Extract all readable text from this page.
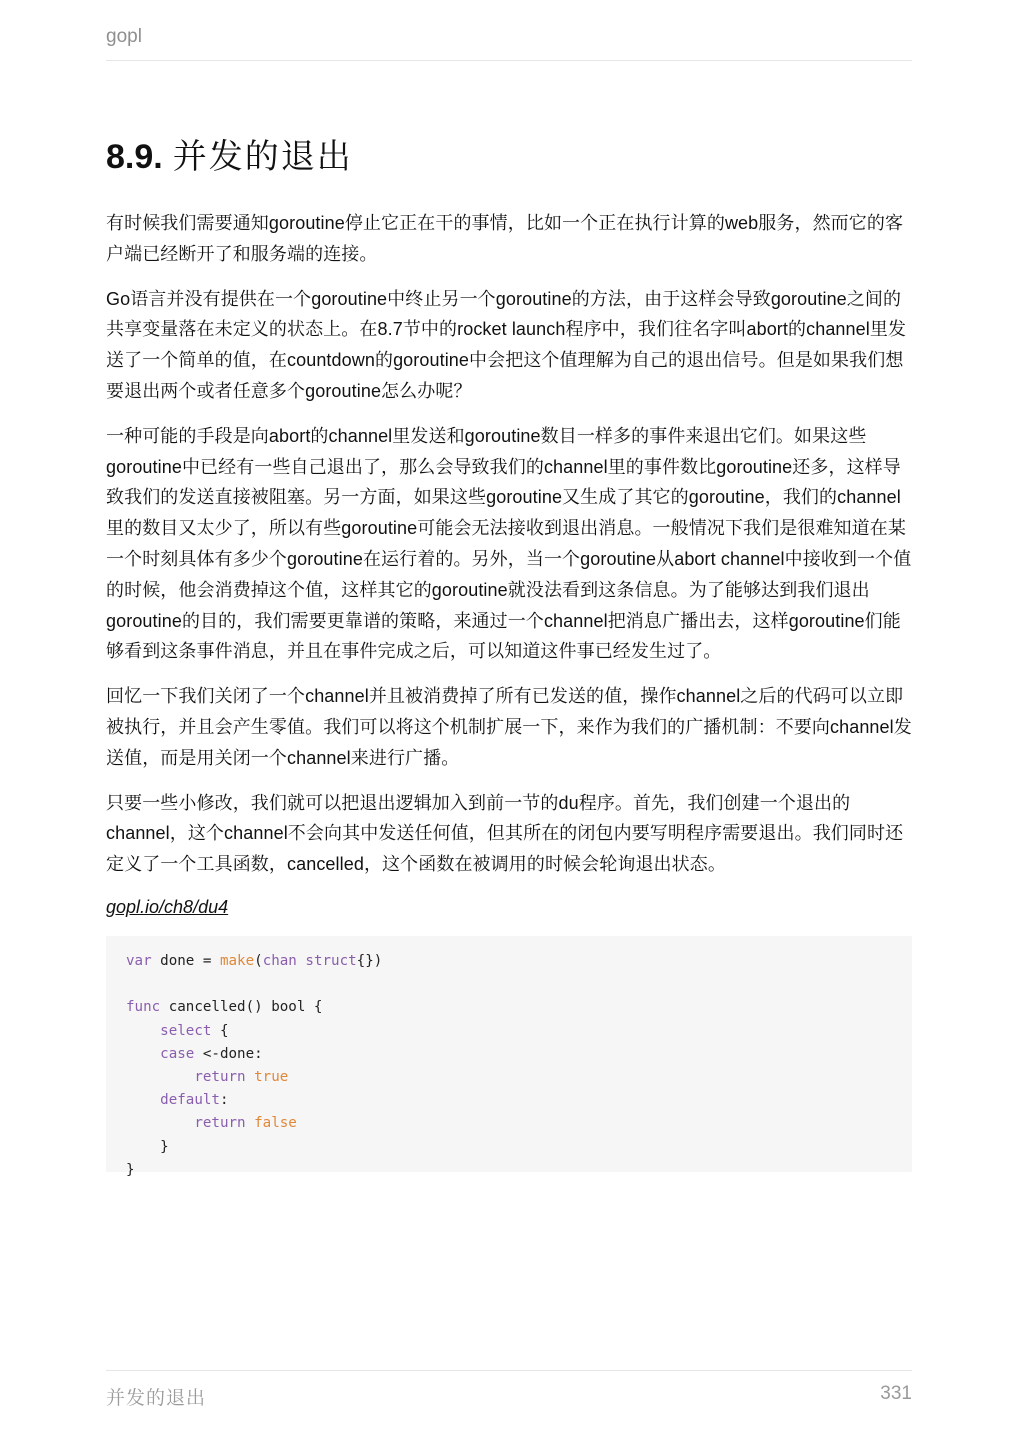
gopl
8.9. 并发的退出

有时候我们需要通知goroutine停止它正在干的事情，比如一个正在执行计算的web服务，然而它的客户端已经断开了和服务端的连接。

Go语言并没有提供在一个goroutine中终止另一个goroutine的方法，由于这样会导致goroutine之间的共享变量落在未定义的状态上。在8.7节中的rocket launch程序中，我们往名字叫abort的channel里发送了一个简单的值，在countdown的goroutine中会把这个值理解为自己的退出信号。但是如果我们想要退出两个或者任意多个goroutine怎么办呢？

一种可能的手段是向abort的channel里发送和goroutine数目一样多的事件来退出它们。如果这些goroutine中已经有一些自己退出了，那么会导致我们的channel里的事件数比goroutine还多，这样导致我们的发送直接被阻塞。另一方面，如果这些goroutine又生成了其它的goroutine，我们的channel里的数目又太少了，所以有些goroutine可能会无法接收到退出消息。一般情况下我们是很难知道在某一个时刻具体有多少个goroutine在运行着的。另外，当一个goroutine从abort channel中接收到一个值的时候，他会消费掉这个值，这样其它的goroutine就没法看到这条信息。为了能够达到我们退出goroutine的目的，我们需要更靠谱的策略，来通过一个channel把消息广播出去，这样goroutine们能够看到这条事件消息，并且在事件完成之后，可以知道这件事已经发生过了。

回忆一下我们关闭了一个channel并且被消费掉了所有已发送的值，操作channel之后的代码可以立即被执行，并且会产生零值。我们可以将这个机制扩展一下，来作为我们的广播机制：不要向channel发送值，而是用关闭一个channel来进行广播。

只要一些小修改，我们就可以把退出逻辑加入到前一节的du程序。首先，我们创建一个退出的channel，这个channel不会向其中发送任何值，但其所在的闭包内要写明程序需要退出。我们同时还定义了一个工具函数，cancelled，这个函数在被调用的时候会轮询退出状态。

gopl.io/ch8/du4
var done = make(chan struct{})

func cancelled() bool {
select {
case <-done:
return true
default:
return false
}
}
并发的退出	331
